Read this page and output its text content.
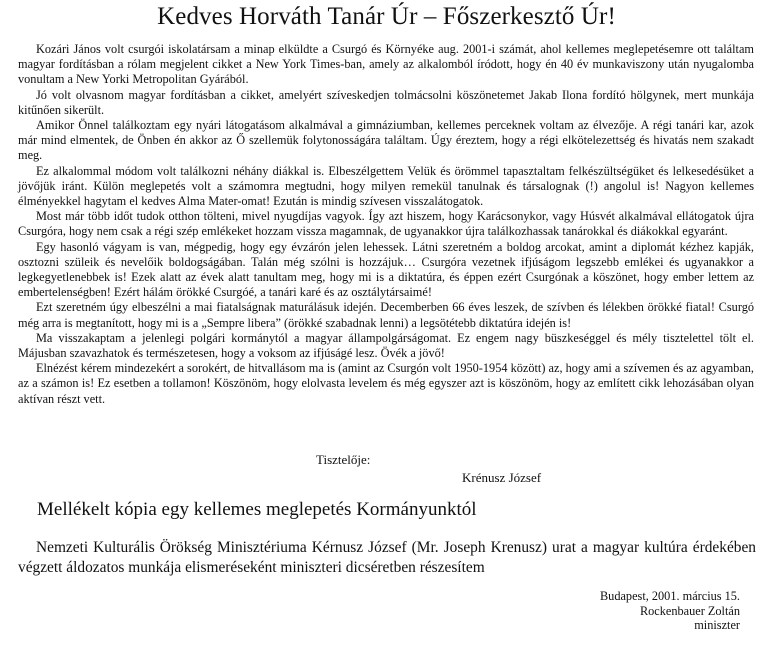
Kedves Horváth Tanár Úr – Főszerkesztő Úr!

Kozári János volt csurgói iskolatársam a minap elküldte a Csurgó és Környéke aug. 2001-i számát, ahol kellemes meglepetésemre ott találtam magyar fordításban a rólam megjelent cikket a New York Times-ban, amely az alkalomból íródott, hogy én 40 év munkaviszony után nyugalomba vonultam a New Yorki Metropolitan Gyárából.

Jó volt olvasnom magyar fordításban a cikket, amelyért szíveskedjen tolmácsolni köszönetemet Jakab Ilona fordító hölgynek, mert munkája kitűnően sikerült.

Amikor Önnel találkoztam egy nyári látogatásom alkalmával a gimnáziumban, kellemes perceknek voltam az élvezője. A régi tanári kar, azok már mind elmentek, de Önben én akkor az Ő szellemük folytonosságára találtam. Úgy éreztem, hogy a régi elkötelezettség és hivatás nem szakadt meg.

Ez alkalommal módom volt találkozni néhány diákkal is. Elbeszélgettem Velük és örömmel tapasztaltam felkészültségüket és lelkesedésüket a jövőjük iránt. Külön meglepetés volt a számomra megtudni, hogy milyen remekül tanulnak és társalognak (!) angolul is! Nagyon kellemes élményekkel hagytam el kedves Alma Mater-omat! Ezután is mindig szívesen visszalátogatok.

Most már több időt tudok otthon tölteni, mivel nyugdíjas vagyok. Így azt hiszem, hogy Karácsonykor, vagy Húsvét alkalmával ellátogatok újra Csurgóra, hogy nem csak a régi szép emlékeket hozzam vissza magamnak, de ugyanakkor újra találkozhassak tanárokkal és diákokkal egyaránt.

Egy hasonló vágyam is van, mégpedig, hogy egy évzárón jelen lehessek. Látni szeretném a boldog arcokat, amint a diplomát kézhez kapják, osztozni szüleik és nevelőik boldogságában. Talán még szólni is hozzájuk… Csurgóra vezetnek ifjúságom legszebb emlékei és ugyanakkor a legkegyetlenebbek is! Ezek alatt az évek alatt tanultam meg, hogy mi is a diktatúra, és éppen ezért Csurgónak a köszönet, hogy ember lettem az embertelenségben! Ezért hálám örökké Csurgóé, a tanári karé és az osztálytársaimé!

Ezt szeretném úgy elbeszélni a mai fiatalságnak maturálásuk idején. Decemberben 66 éves leszek, de szívben és lélekben örökké fiatal! Csurgó még arra is megtanított, hogy mi is a „Sempre libera” (örökké szabadnak lenni) a legsötétebb diktatúra idején is!

Ma visszakaptam a jelenlegi polgári kormánytól a magyar állampolgárságomat. Ez engem nagy büszkeséggel és mély tisztelettel tölt el. Májusban szavazhatok és természetesen, hogy a voksom az ifjúságé lesz. Övék a jövő!

Elnézést kérem mindezekért a sorokért, de hitvallásom ma is (amint az Csurgón volt 1950-1954 között) az, hogy ami a szívemen és az agyamban, az a számon is! Ez esetben a tollamon! Köszönöm, hogy elolvasta levelem és még egyszer azt is köszönöm, hogy az említett cikk lehozásában olyan aktívan részt vett.

Tisztelője:
Krénusz József
Mellékelt kópia egy kellemes meglepetés Kormányunktól

Nemzeti Kulturális Örökség Minisztériuma Kérnusz József (Mr. Joseph Krenusz) urat a magyar kultúra érdekében végzett áldozatos munkája elismeréseként miniszteri dicséretben részesítem

Budapest, 2001. március 15.
Rockenbauer Zoltán
miniszter
